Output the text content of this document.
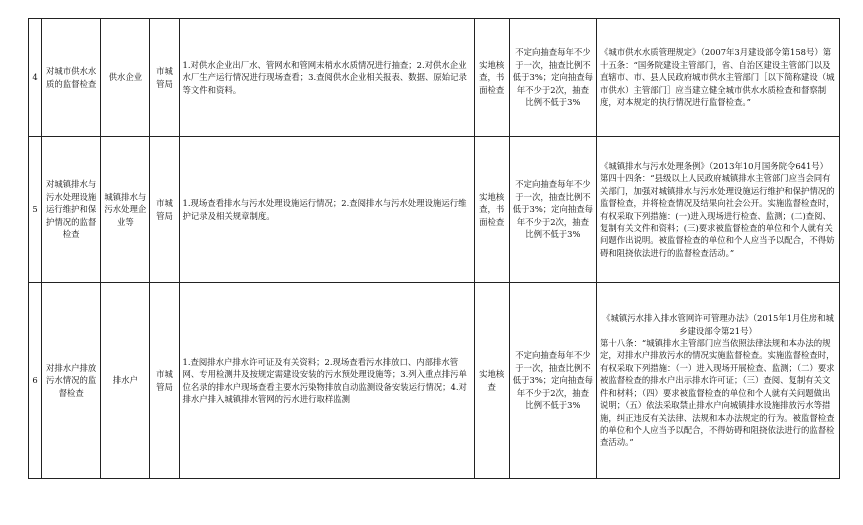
4	对城市供水水质的监督检查	供水企业	市城管局	1.对供水企业出厂水、管网水和管网末梢水水质情况进行抽查；2.对供水企业水厂生产运行情况进行现场查看；3.查阅供水企业相关报表、数据、原始记录等文件和资料。	实地核查，书面检查	不定向抽查每年不少于一次，抽查比例不低于3%；定向抽查每年不少于2次，抽查比例不低于3%	《城市供水水质管理规定》（2007年3月建设部令第158号）第十五条：“国务院建设主管部门，省、自治区建设主管部门以及直辖市、市、县人民政府城市供水主管部门［以下简称建设（城市供水）主管部门］应当建立健全城市供水水质检查和督察制度，对本规定的执行情况进行监督检查。”
5	对城镇排水与污水处理设施运行维护和保护情况的监督检查	城镇排水与污水处理企业等	市城管局	1.现场查看排水与污水处理设施运行情况；2.查阅排水与污水处理设施运行维护记录及相关规章制度。	实地核查，书面检查	不定向抽查每年不少于一次，抽查比例不低于3%；定向抽查每年不少于2次，抽查比例不低于3%	《城镇排水与污水处理条例》（2013年10月国务院令641号）第四十四条：“县级以上人民政府城镇排水主管部门应当会同有关部门，加强对城镇排水与污水处理设施运行维护和保护情况的监督检查，并将检查情况及结果向社会公开。实施监督检查时，有权采取下列措施：(一)进入现场进行检查、监测；(二)查阅、复制有关文件和资料；(三)要求被监督检查的单位和个人就有关问题作出说明。被监督检查的单位和个人应当予以配合，不得妨碍和阻挠依法进行的监督检查活动。”
6	对排水户排放污水情况的监督检查	排水户	市城管局	1.查阅排水户排水许可证及有关资料；2.现场查看污水排放口、内部排水管网、专用检测井及按规定需建设安装的污水预处理设施等；3.列入重点排污单位名录的排水户现场查看主要水污染物排放自动监测设备安装运行情况；4.对排水户排入城镇排水管网的污水进行取样监测	实地核查	不定向抽查每年不少于一次，抽查比例不低于3%；定向抽查每年不少于2次，抽查比例不低于3%	《城镇污水排入排水管网许可管理办法》（2015年1月住房和城乡建设部令第21号）
第十八条：“城镇排水主管部门应当依照法律法规和本办法的规定，对排水户排放污水的情况实施监督检查。实施监督检查时，有权采取下列措施：（一）进入现场开展检查、监测；（二）要求被监督检查的排水户出示排水许可证；（三）查阅、复制有关文件和材料；（四）要求被监督检查的单位和个人就有关问题做出说明；（五）依法采取禁止排水户向城镇排水设施排放污水等措施，纠正违反有关法律、法规和本办法规定的行为。被监督检查的单位和个人应当予以配合，不得妨碍和阻挠依法进行的监督检查活动。”
